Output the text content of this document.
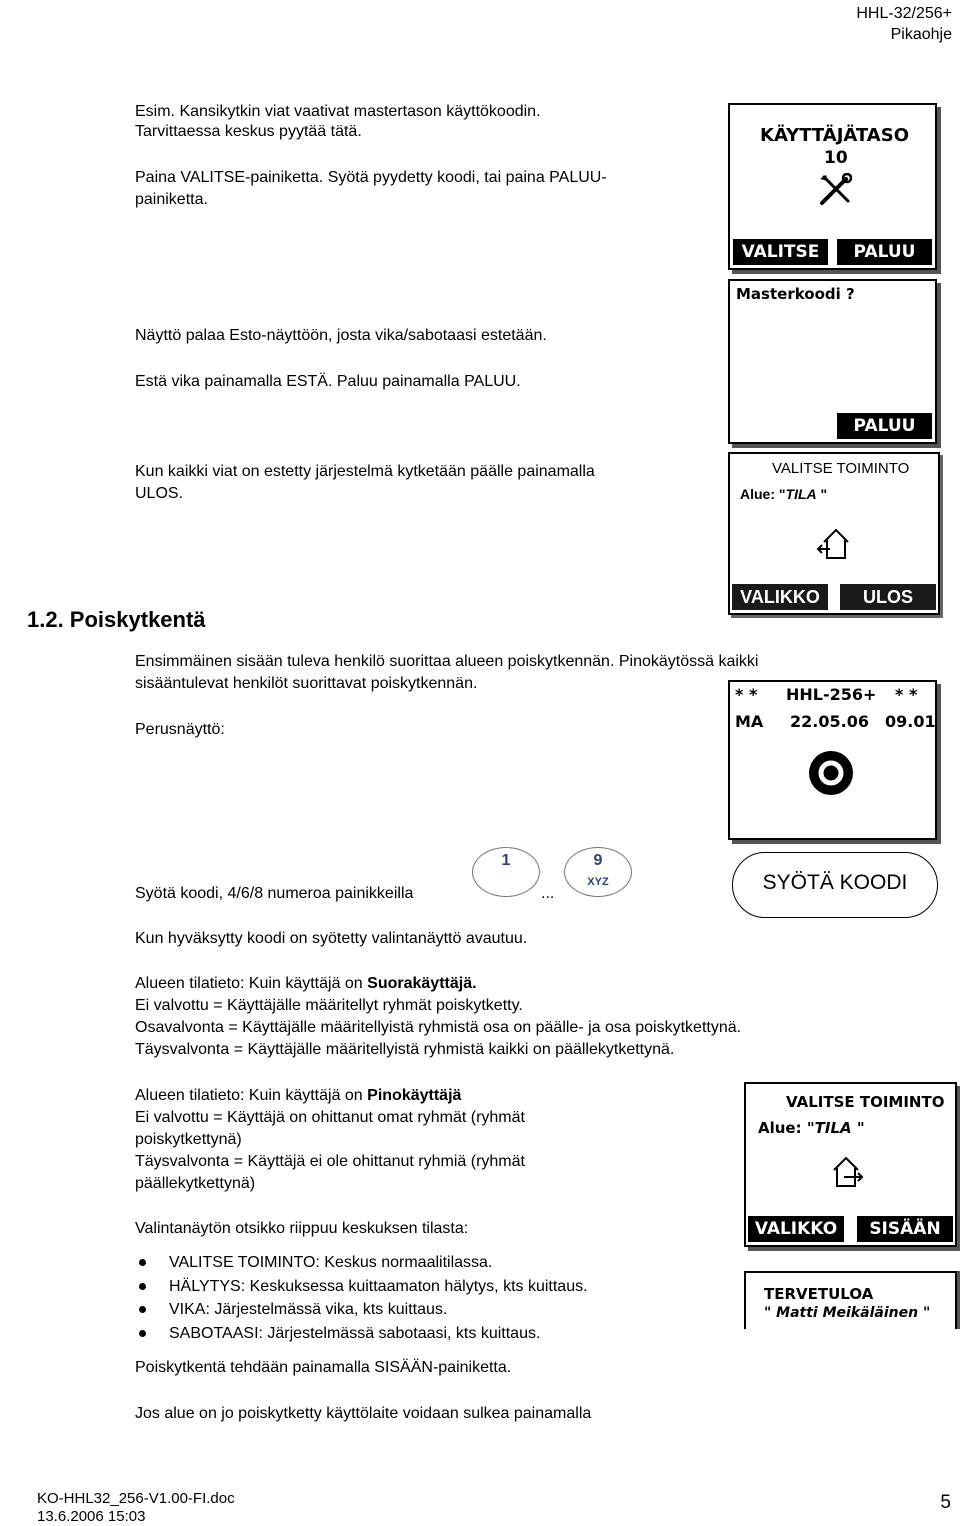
HHL-32/256+
Pikaohje
Esim. Kansikytkin viat vaativat mastertason käyttökoodin.
Tarvittaessa keskus pyytää tätä.
Paina VALITSE-painiketta. Syötä pyydetty koodi, tai paina PALUU-
painiketta.
KÄYTTÄJÄTASO
10
VALITSE	PALUU
Masterkoodi ?
PALUU
Näyttö palaa Esto-näyttöön, josta vika/sabotaasi estetään.
Estä vika painamalla ESTÄ. Paluu painamalla PALUU.
Kun kaikki viat on estetty järjestelmä kytketään päälle painamalla
ULOS.
VALITSE TOIMINTO
Alue: "TILA "
VALIKKO	ULOS
1.2. Poiskytkentä
Ensimmäinen sisään tuleva henkilö suorittaa alueen poiskytkennän. Pinokäytössä kaikki
sisääntulevat henkilöt suorittavat poiskytkennän.
Perusnäyttö:
* * HHL-256+ * *
MA 22.05.06 09.01
Syötä koodi, 4/6/8 numeroa painikkeilla
1
...
9
XYZ	SYÖTÄ KOODI
Kun hyväksytty koodi on syötetty valintanäyttö avautuu.
Alueen tilatieto: Kuin käyttäjä on Suorakäyttäjä.
Ei valvottu = Käyttäjälle määritellyt ryhmät poiskytketty.
Osavalvonta = Käyttäjälle määritellyistä ryhmistä osa on päälle- ja osa poiskytkettynä.
Täysvalvonta = Käyttäjälle määritellyistä ryhmistä kaikki on päällekytkettynä.
Alueen tilatieto: Kuin käyttäjä on Pinokäyttäjä
Ei valvottu = Käyttäjä on ohittanut omat ryhmät (ryhmät
poiskytkettynä)
Täysvalvonta = Käyttäjä ei ole ohittanut ryhmiä (ryhmät
päällekytkettynä)
VALITSE TOIMINTO
Alue: "TILA "
VALIKKO	SISÄÄN
TERVETULOA
" Matti Meikäläinen "
Valintanäytön otsikko riippuu keskuksen tilasta:
VALITSE TOIMINTO: Keskus normaalitilassa.
HÄLYTYS: Keskuksessa kuittaamaton hälytys, kts kuittaus.
VIKA: Järjestelmässä vika, kts kuittaus.
SABOTAASI: Järjestelmässä sabotaasi, kts kuittaus.
Poiskytkentä tehdään painamalla SISÄÄN-painiketta.
Jos alue on jo poiskytketty käyttölaite voidaan sulkea painamalla
KO-HHL32_256-V1.00-FI.doc
13.6.2006 15:03
5
